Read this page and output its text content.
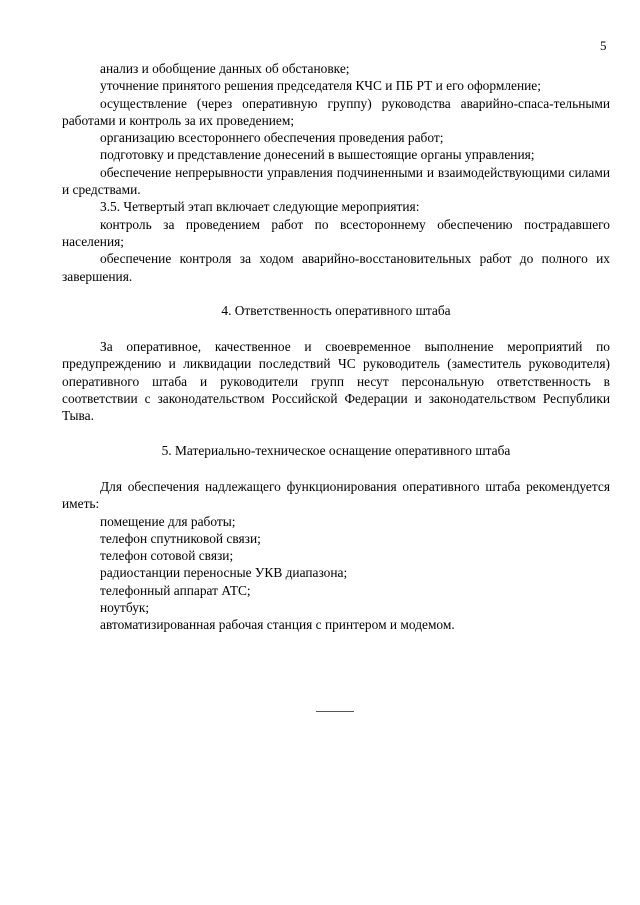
5

анализ и обобщение данных об обстановке;

уточнение принятого решения председателя КЧС и ПБ РТ и его оформление;

осуществление (через оперативную группу) руководства аварийно-спаса-тельными работами и контроль за их проведением;

организацию всестороннего обеспечения проведения работ;

подготовку и представление донесений в вышестоящие органы управления;

обеспечение непрерывности управления подчиненными и взаимодействующими силами и средствами.

3.5. Четвертый этап включает следующие мероприятия:

контроль за проведением работ по всестороннему обеспечению пострадавшего населения;

обеспечение контроля за ходом аварийно-восстановительных работ до полного их завершения.

4. Ответственность оперативного штаба

За оперативное, качественное и своевременное выполнение мероприятий по предупреждению и ликвидации последствий ЧС руководитель (заместитель руководителя) оперативного штаба и руководители групп несут персональную ответственность в соответствии с законодательством Российской Федерации и законодательством Республики Тыва.

5. Материально-техническое оснащение оперативного штаба

Для обеспечения надлежащего функционирования оперативного штаба рекомендуется иметь:

помещение для работы;
телефон спутниковой связи;
телефон сотовой связи;
радиостанции переносные УКВ диапазона;
телефонный аппарат АТС;
ноутбук;
автоматизированная рабочая станция с принтером и модемом.
